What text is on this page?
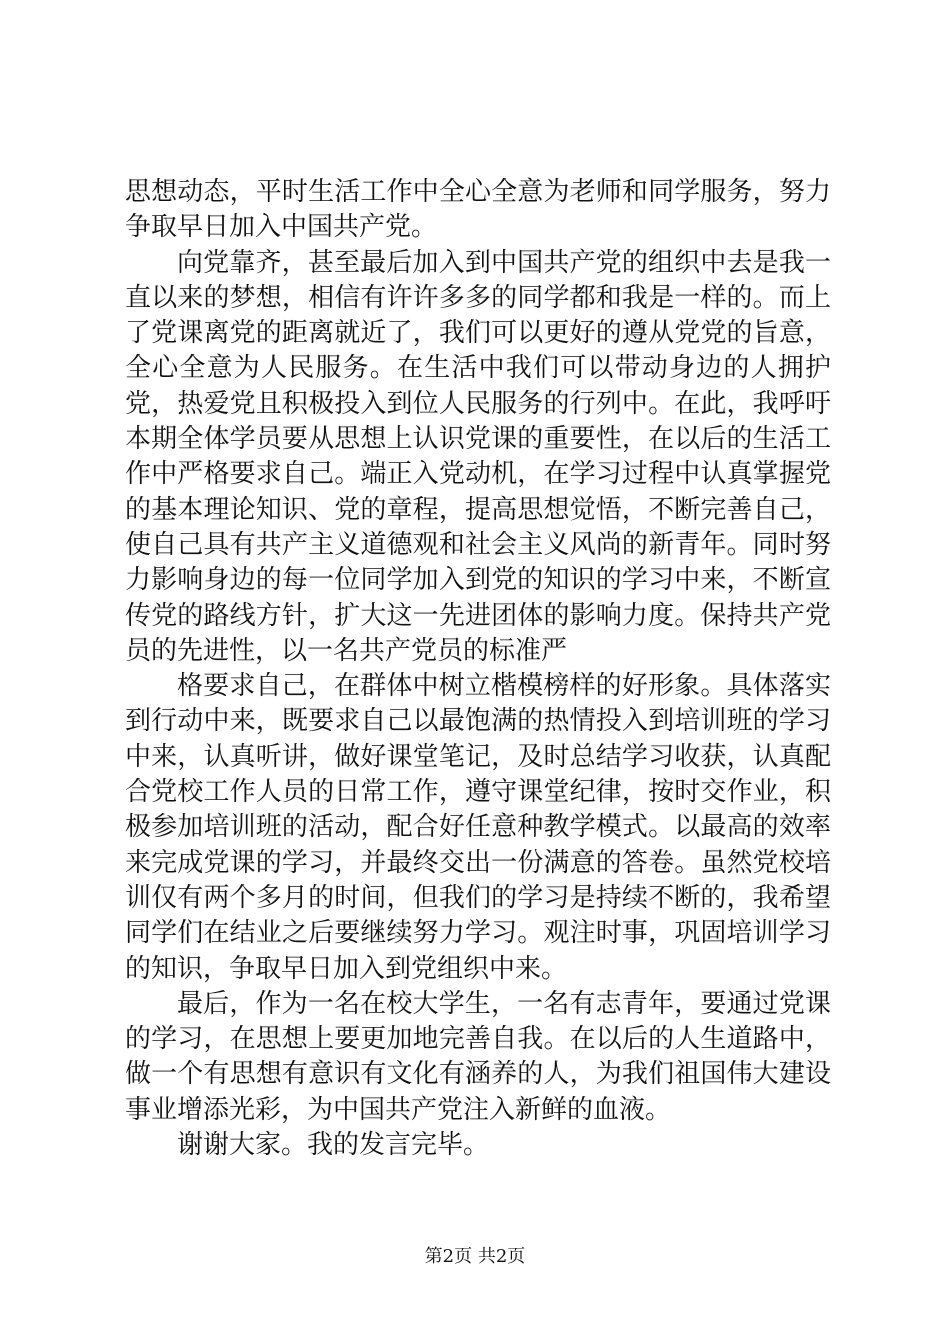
思想动态，平时生活工作中全心全意为老师和同学服务，努力争取早日加入中国共产党。

向党靠齐，甚至最后加入到中国共产党的组织中去是我一直以来的梦想，相信有许许多多的同学都和我是一样的。而上了党课离党的距离就近了，我们可以更好的遵从党党的旨意，全心全意为人民服务。在生活中我们可以带动身边的人拥护党，热爱党且积极投入到位人民服务的行列中。在此，我呼吁本期全体学员要从思想上认识党课的重要性，在以后的生活工作中严格要求自己。端正入党动机，在学习过程中认真掌握党的基本理论知识、党的章程，提高思想觉悟，不断完善自己，使自己具有共产主义道德观和社会主义风尚的新青年。同时努力影响身边的每一位同学加入到党的知识的学习中来，不断宣传党的路线方针，扩大这一先进团体的影响力度。保持共产党员的先进性，以一名共产党员的标准严

格要求自己，在群体中树立楷模榜样的好形象。具体落实到行动中来，既要求自己以最饱满的热情投入到培训班的学习中来，认真听讲，做好课堂笔记，及时总结学习收获，认真配合党校工作人员的日常工作，遵守课堂纪律，按时交作业，积极参加培训班的活动，配合好任意种教学模式。以最高的效率来完成党课的学习，并最终交出一份满意的答卷。虽然党校培训仅有两个多月的时间，但我们的学习是持续不断的，我希望同学们在结业之后要继续努力学习。观注时事，巩固培训学习的知识，争取早日加入到党组织中来。

最后，作为一名在校大学生，一名有志青年，要通过党课的学习，在思想上要更加地完善自我。在以后的人生道路中，做一个有思想有意识有文化有涵养的人，为我们祖国伟大建设事业增添光彩，为中国共产党注入新鲜的血液。

谢谢大家。我的发言完毕。

第2页 共2页
